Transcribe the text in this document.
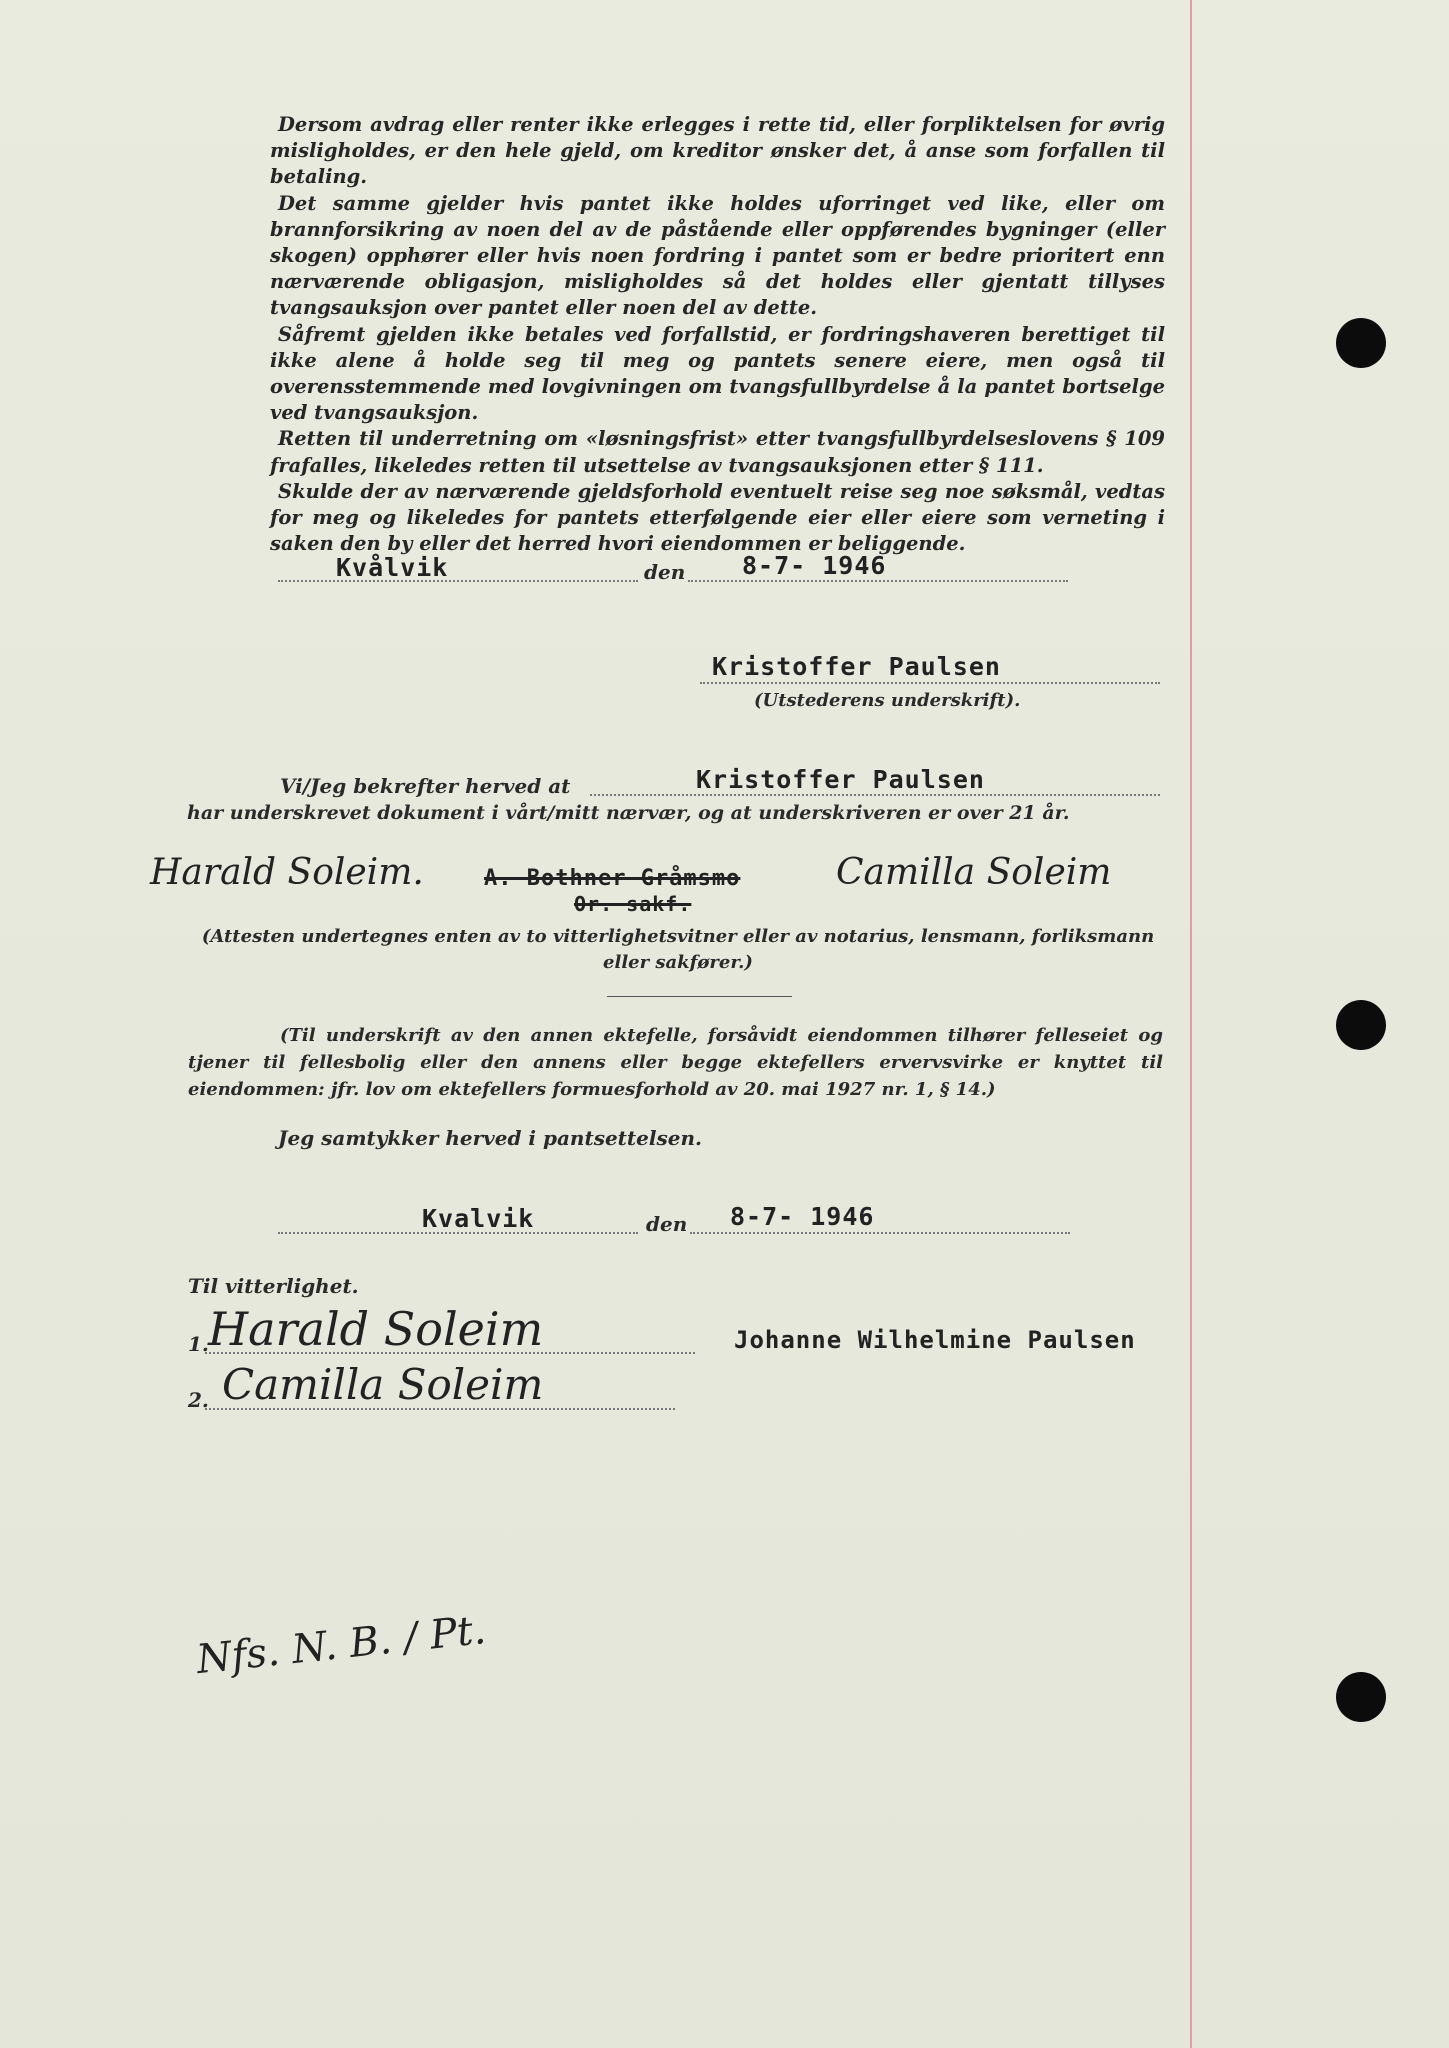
Dersom avdrag eller renter ikke erlegges i rette tid, eller forpliktelsen for øvrig misligholdes, er den hele gjeld, om kreditor ønsker det, å anse som forfallen til betaling.

Det samme gjelder hvis pantet ikke holdes uforringet ved like, eller om brannforsikring av noen del av de påstående eller oppførendes bygninger (eller skogen) opphører eller hvis noen fordring i pantet som er bedre prioritert enn nærværende obligasjon, misligholdes så det holdes eller gjentatt tillyses tvangsauksjon over pantet eller noen del av dette.

Såfremt gjelden ikke betales ved forfallstid, er fordringshaveren berettiget til ikke alene å holde seg til meg og pantets senere eiere, men også til overensstemmende med lovgivningen om tvangsfullbyrdelse å la pantet bortselge ved tvangsauksjon.

Retten til underretning om «løsningsfrist» etter tvangsfullbyrdelseslovens § 109 frafalles, likeledes retten til utsettelse av tvangsauksjonen etter § 111.

Skulde der av nærværende gjeldsforhold eventuelt reise seg noe søksmål, vedtas for meg og likeledes for pantets etterfølgende eier eller eiere som verneting i saken den by eller det herred hvori eiendommen er beliggende.

Kvålvik	den 8-7- 1946
Kristoffer Paulsen
(Utstederens underskrift).
Vi/Jeg bekrefter herved at	Kristoffer Paulsen
har underskrevet dokument i vårt/mitt nærvær, og at underskriveren er over 21 år.
Harald Soleim.	A. Bothner Gråmsmo
Or. sakf.
Camilla Soleim
(Attesten undertegnes enten av to vitterlighetsvitner eller av notarius, lensmann, forliksmann eller sakfører.)
(Til underskrift av den annen ektefelle, forsåvidt eiendommen tilhører felleseiet og tjener til fellesbolig eller den annens eller begge ektefellers ervervsvirke er knyttet til eiendommen: jfr. lov om ektefellers formuesforhold av 20. mai 1927 nr. 1, § 14.)
Jeg samtykker herved i pantsettelsen.
Kvalvik	den 8-7- 1946
Til vitterlighet.
1. Harald Soleim	Johanne Wilhelmine Paulsen
2. Camilla Soleim
Nfs. N. B. / Pt.
